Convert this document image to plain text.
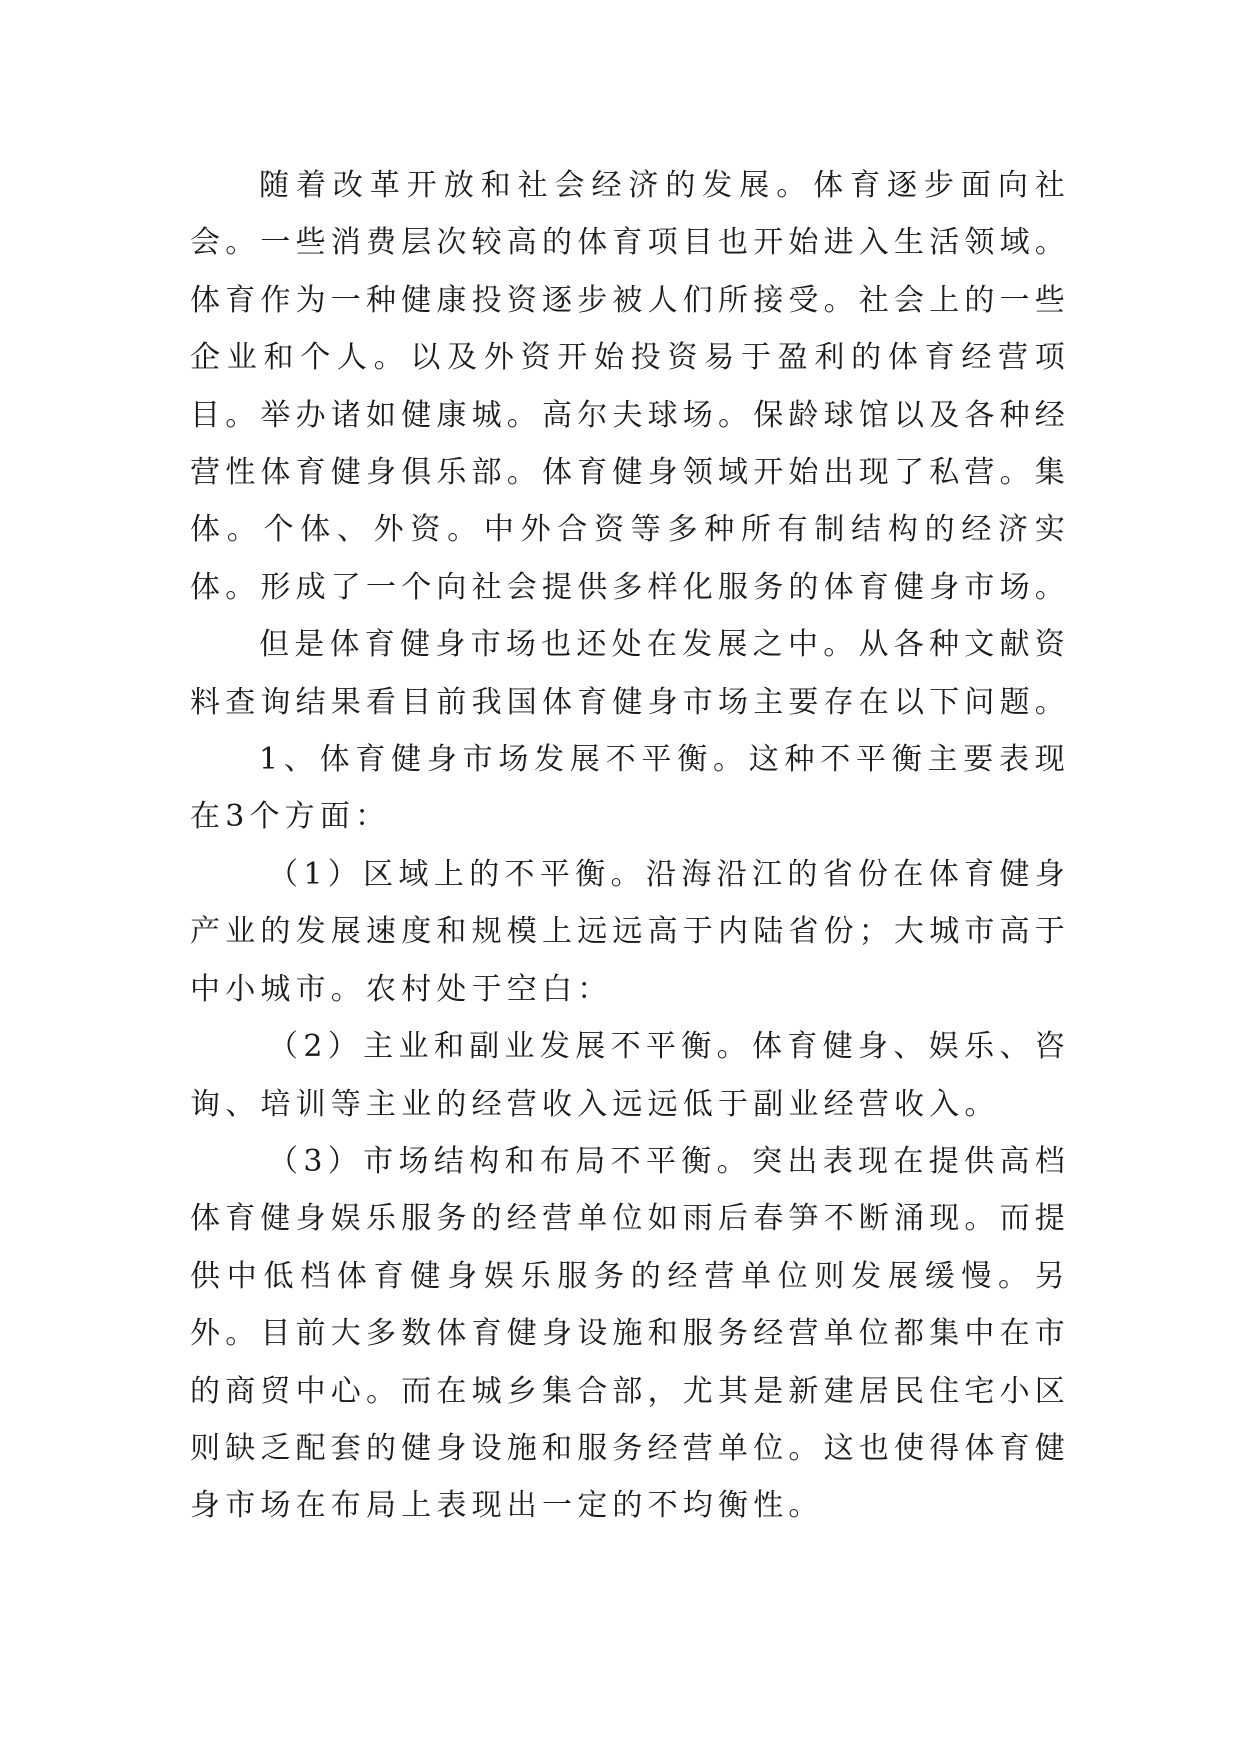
随着改革开放和社会经济的发展。体育逐步面向社会。一些消费层次较高的体育项目也开始进入生活领域。体育作为一种健康投资逐步被人们所接受。社会上的一些企业和个人。以及外资开始投资易于盈利的体育经营项目。举办诸如健康城。高尔夫球场。保龄球馆以及各种经营性体育健身俱乐部。体育健身领域开始出现了私营。集体。个体、外资。中外合资等多种所有制结构的经济实体。形成了一个向社会提供多样化服务的体育健身市场。

但是体育健身市场也还处在发展之中。从各种文献资料查询结果看目前我国体育健身市场主要存在以下问题。

1、体育健身市场发展不平衡。这种不平衡主要表现在3个方面：

（1）区域上的不平衡。沿海沿江的省份在体育健身产业的发展速度和规模上远远高于内陆省份；大城市高于中小城市。农村处于空白：

（2）主业和副业发展不平衡。体育健身、娱乐、咨询、培训等主业的经营收入远远低于副业经营收入。

（3）市场结构和布局不平衡。突出表现在提供高档体育健身娱乐服务的经营单位如雨后春笋不断涌现。而提供中低档体育健身娱乐服务的经营单位则发展缓慢。另外。目前大多数体育健身设施和服务经营单位都集中在市的商贸中心。而在城乡集合部，尤其是新建居民住宅小区则缺乏配套的健身设施和服务经营单位。这也使得体育健身市场在布局上表现出一定的不均衡性。
